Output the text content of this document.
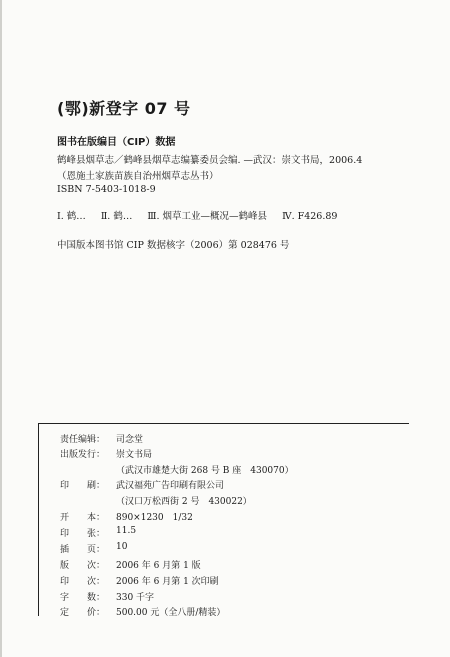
(鄂)新登字 07 号
图书在版编目（CIP）数据
鹤峰县烟草志／鹤峰县烟草志编纂委员会编. —武汉：崇文书局，2006.4
（恩施土家族苗族自治州烟草志丛书）
ISBN 7-5403-1018-9
Ⅰ. 鹤… Ⅱ. 鹤… Ⅲ. 烟草工业—概况—鹤峰县 Ⅳ. F426.89
中国版本图书馆 CIP 数据核字（2006）第 028476 号
责任编辑：	司念堂
出版发行：	崇文书局
（武汉市雄楚大街 268 号 B 座　430070）
印　　刷：	武汉福苑广告印刷有限公司
（汉口万松西街 2 号　430022）
开　　本：	890×1230　1/32
印　　张：	11.5
插　　页：	10
版　　次：	2006 年 6 月第 1 版
印　　次：	2006 年 6 月第 1 次印刷
字　　数：	330 千字
定　　价：	500.00 元（全八册/精装）
